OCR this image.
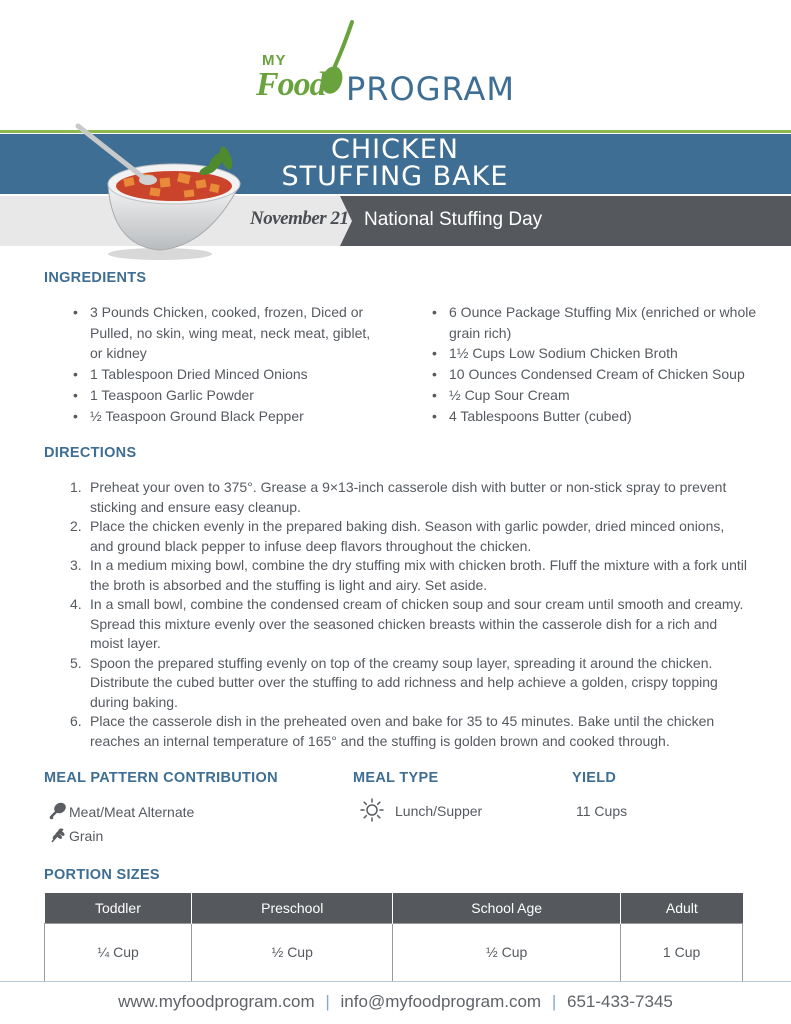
MY
Food PROGRAM
CHICKEN
STUFFING BAKE
November 21 National Stuffing Day
INGREDIENTS
• 3 Pounds Chicken, cooked, frozen, Diced or Pulled, no skin, wing meat, neck meat, giblet, or kidney
• 1 Tablespoon Dried Minced Onions
• 1 Teaspoon Garlic Powder
• ½ Teaspoon Ground Black Pepper
• 6 Ounce Package Stuffing Mix (enriched or whole grain rich)
• 1½ Cups Low Sodium Chicken Broth
• 10 Ounces Condensed Cream of Chicken Soup
• ½ Cup Sour Cream
• 4 Tablespoons Butter (cubed)
DIRECTIONS
1. Preheat your oven to 375°. Grease a 9×13-inch casserole dish with butter or non-stick spray to prevent sticking and ensure easy cleanup.
2. Place the chicken evenly in the prepared baking dish. Season with garlic powder, dried minced onions, and ground black pepper to infuse deep flavors throughout the chicken.
3. In a medium mixing bowl, combine the dry stuffing mix with chicken broth. Fluff the mixture with a fork until the broth is absorbed and the stuffing is light and airy. Set aside.
4. In a small bowl, combine the condensed cream of chicken soup and sour cream until smooth and creamy. Spread this mixture evenly over the seasoned chicken breasts within the casserole dish for a rich and moist layer.
5. Spoon the prepared stuffing evenly on top of the creamy soup layer, spreading it around the chicken. Distribute the cubed butter over the stuffing to add richness and help achieve a golden, crispy topping during baking.
6. Place the casserole dish in the preheated oven and bake for 35 to 45 minutes. Bake until the chicken reaches an internal temperature of 165° and the stuffing is golden brown and cooked through.
MEAL PATTERN CONTRIBUTION	MEAL TYPE	YIELD
Meat/Meat Alternate
Grain
Lunch/Supper	11 Cups
PORTION SIZES
Toddler	Preschool	School Age	Adult
¼ Cup	½ Cup	½ Cup	1 Cup
www.myfoodprogram.com | info@myfoodprogram.com | 651-433-7345
